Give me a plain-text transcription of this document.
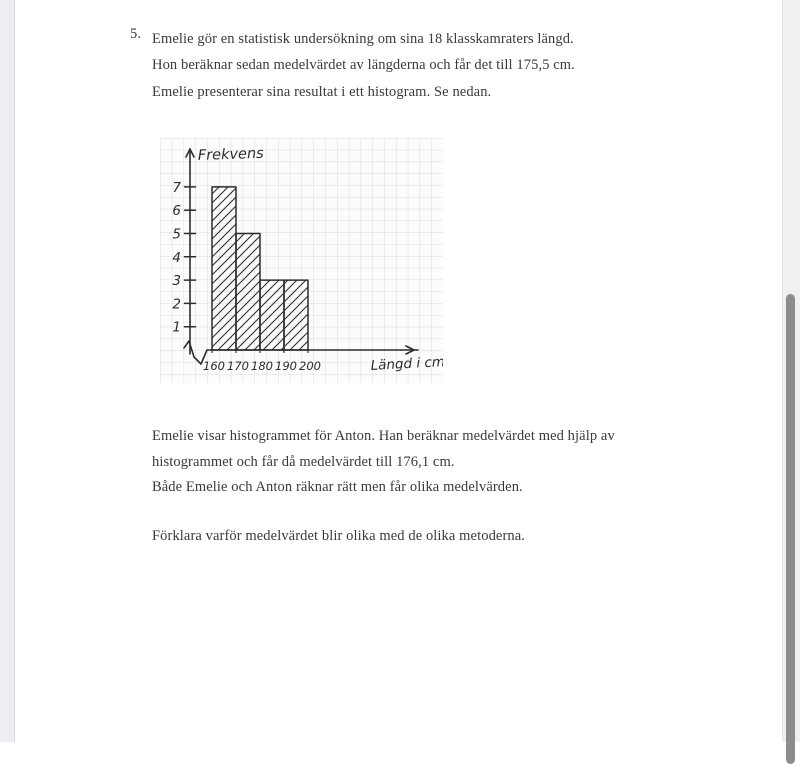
5. Emelie gör en statistisk undersökning om sina 18 klasskamraters längd.
Hon beräknar sedan medelvärdet av längderna och får det till 175,5 cm.
Emelie presenterar sina resultat i ett histogram. Se nedan.
1
2
3
4
5
6
7
160 170 180 190 200
Frekvens
Längd i cm
Emelie visar histogrammet för Anton. Han beräknar medelvärdet med hjälp av
histogrammet och får då medelvärdet till 176,1 cm.
Både Emelie och Anton räknar rätt men får olika medelvärden.
Förklara varför medelvärdet blir olika med de olika metoderna.
